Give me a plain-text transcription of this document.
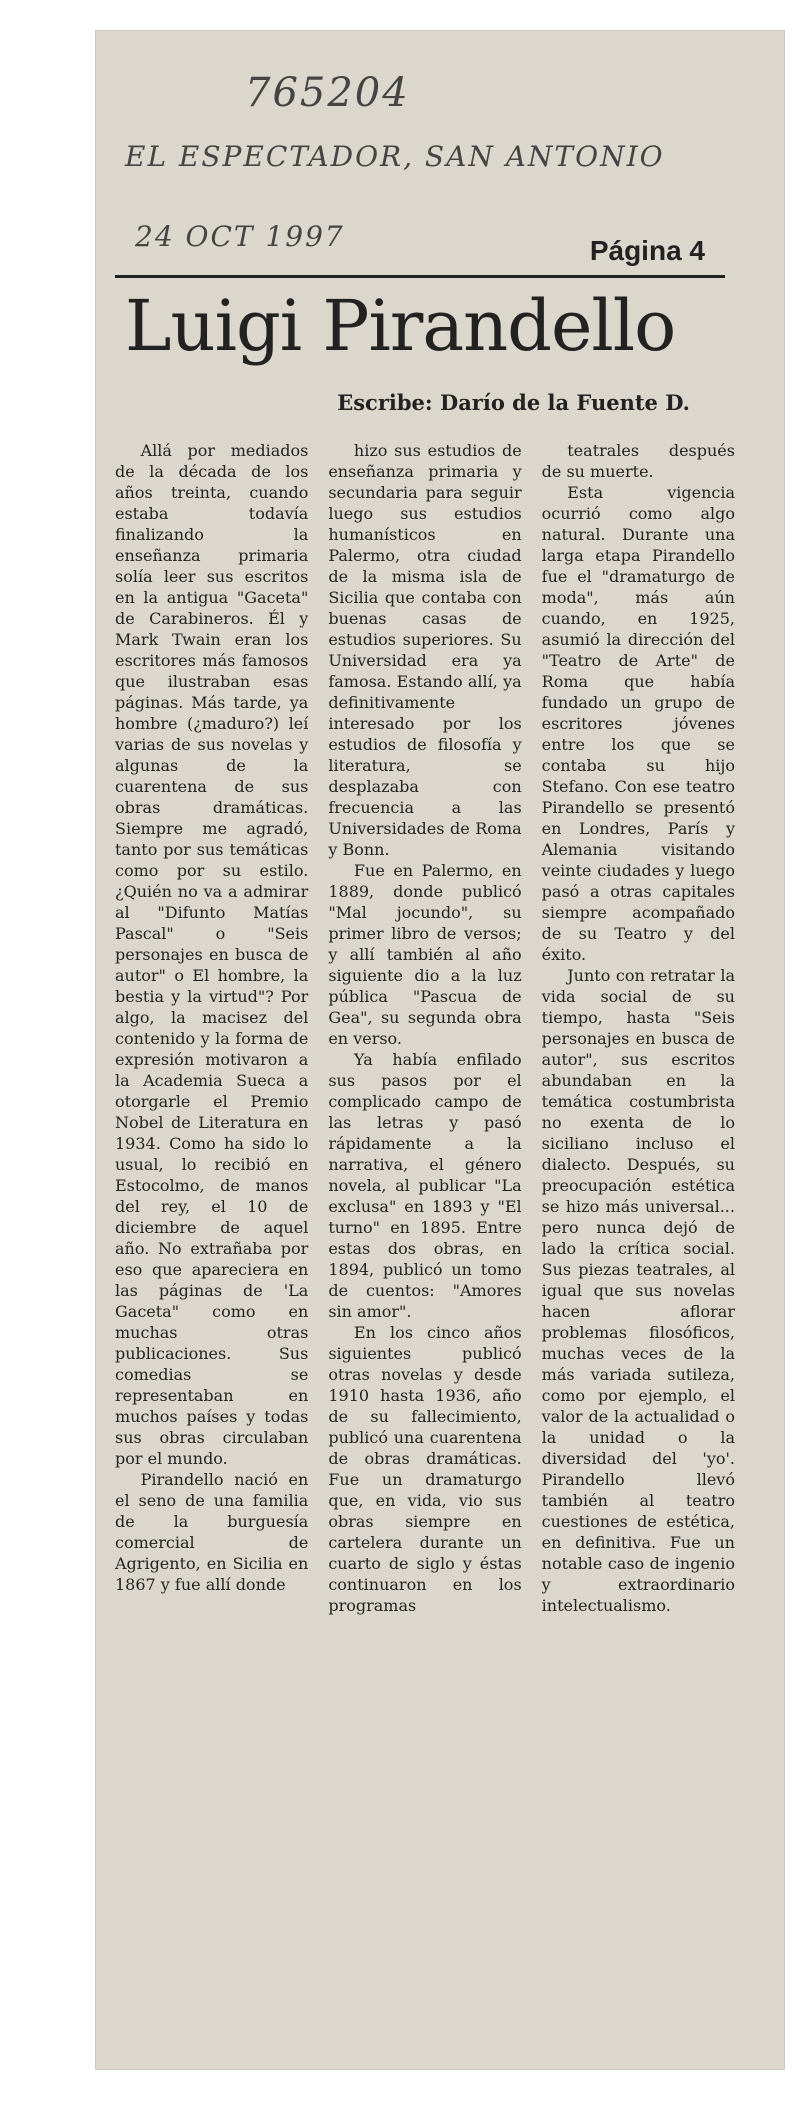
765204
EL ESPECTADOR, SAN ANTONIO
24 OCT 1997	Página 4
Luigi Pirandello
Escribe: Darío de la Fuente D.

Allá por mediados de la década de los años treinta, cuando estaba todavía finalizando la enseñanza primaria solía leer sus escritos en la antigua "Gaceta" de Carabineros. Él y Mark Twain eran los escritores más famosos que ilustraban esas páginas. Más tarde, ya hombre (¿maduro?) leí varias de sus novelas y algunas de la cuarentena de sus obras dramáticas. Siempre me agradó, tanto por sus temáticas como por su estilo. ¿Quién no va a admirar al "Difunto Matías Pascal" o "Seis personajes en busca de autor" o El hombre, la bestia y la virtud"? Por algo, la macisez del contenido y la forma de expresión motivaron a la Academia Sueca a otorgarle el Premio Nobel de Literatura en 1934. Como ha sido lo usual, lo recibió en Estocolmo, de manos del rey, el 10 de diciembre de aquel año. No extrañaba por eso que apareciera en las páginas de 'La Gaceta" como en muchas otras publicaciones. Sus comedias se representaban en muchos países y todas sus obras circulaban por el mundo.

Pirandello nació en el seno de una familia de la burguesía comercial de Agrigento, en Sicilia en 1867 y fue allí donde

hizo sus estudios de enseñanza primaria y secundaria para seguir luego sus estudios humanísticos en Palermo, otra ciudad de la misma isla de Sicilia que contaba con buenas casas de estudios superiores. Su Universidad era ya famosa. Estando allí, ya definitivamente interesado por los estudios de filosofía y literatura, se desplazaba con frecuencia a las Universidades de Roma y Bonn.

Fue en Palermo, en 1889, donde publicó "Mal jocundo", su primer libro de versos; y allí también al año siguiente dio a la luz pública "Pascua de Gea", su segunda obra en verso.

Ya había enfilado sus pasos por el complicado campo de las letras y pasó rápidamente a la narrativa, el género novela, al publicar "La exclusa" en 1893 y "El turno" en 1895. Entre estas dos obras, en 1894, publicó un tomo de cuentos: "Amores sin amor".

En los cinco años siguientes publicó otras novelas y desde 1910 hasta 1936, año de su fallecimiento, publicó una cuarentena de obras dramáticas. Fue un dramaturgo que, en vida, vio sus obras siempre en cartelera durante un cuarto de siglo y éstas continuaron en los programas

teatrales después de su muerte.

Esta vigencia ocurrió como algo natural. Durante una larga etapa Pirandello fue el "dramaturgo de moda", más aún cuando, en 1925, asumió la dirección del "Teatro de Arte" de Roma que había fundado un grupo de escritores jóvenes entre los que se contaba su hijo Stefano. Con ese teatro Pirandello se presentó en Londres, París y Alemania visitando veinte ciudades y luego pasó a otras capitales siempre acompañado de su Teatro y del éxito.

Junto con retratar la vida social de su tiempo, hasta "Seis personajes en busca de autor", sus escritos abundaban en la temática costumbrista no exenta de lo siciliano incluso el dialecto. Después, su preocupación estética se hizo más universal... pero nunca dejó de lado la crítica social. Sus piezas teatrales, al igual que sus novelas hacen aflorar problemas filosóficos, muchas veces de la más variada sutileza, como por ejemplo, el valor de la actualidad o la unidad o la diversidad del 'yo'. Pirandello llevó también al teatro cuestiones de estética, en definitiva. Fue un notable caso de ingenio y extraordinario intelectualismo.
